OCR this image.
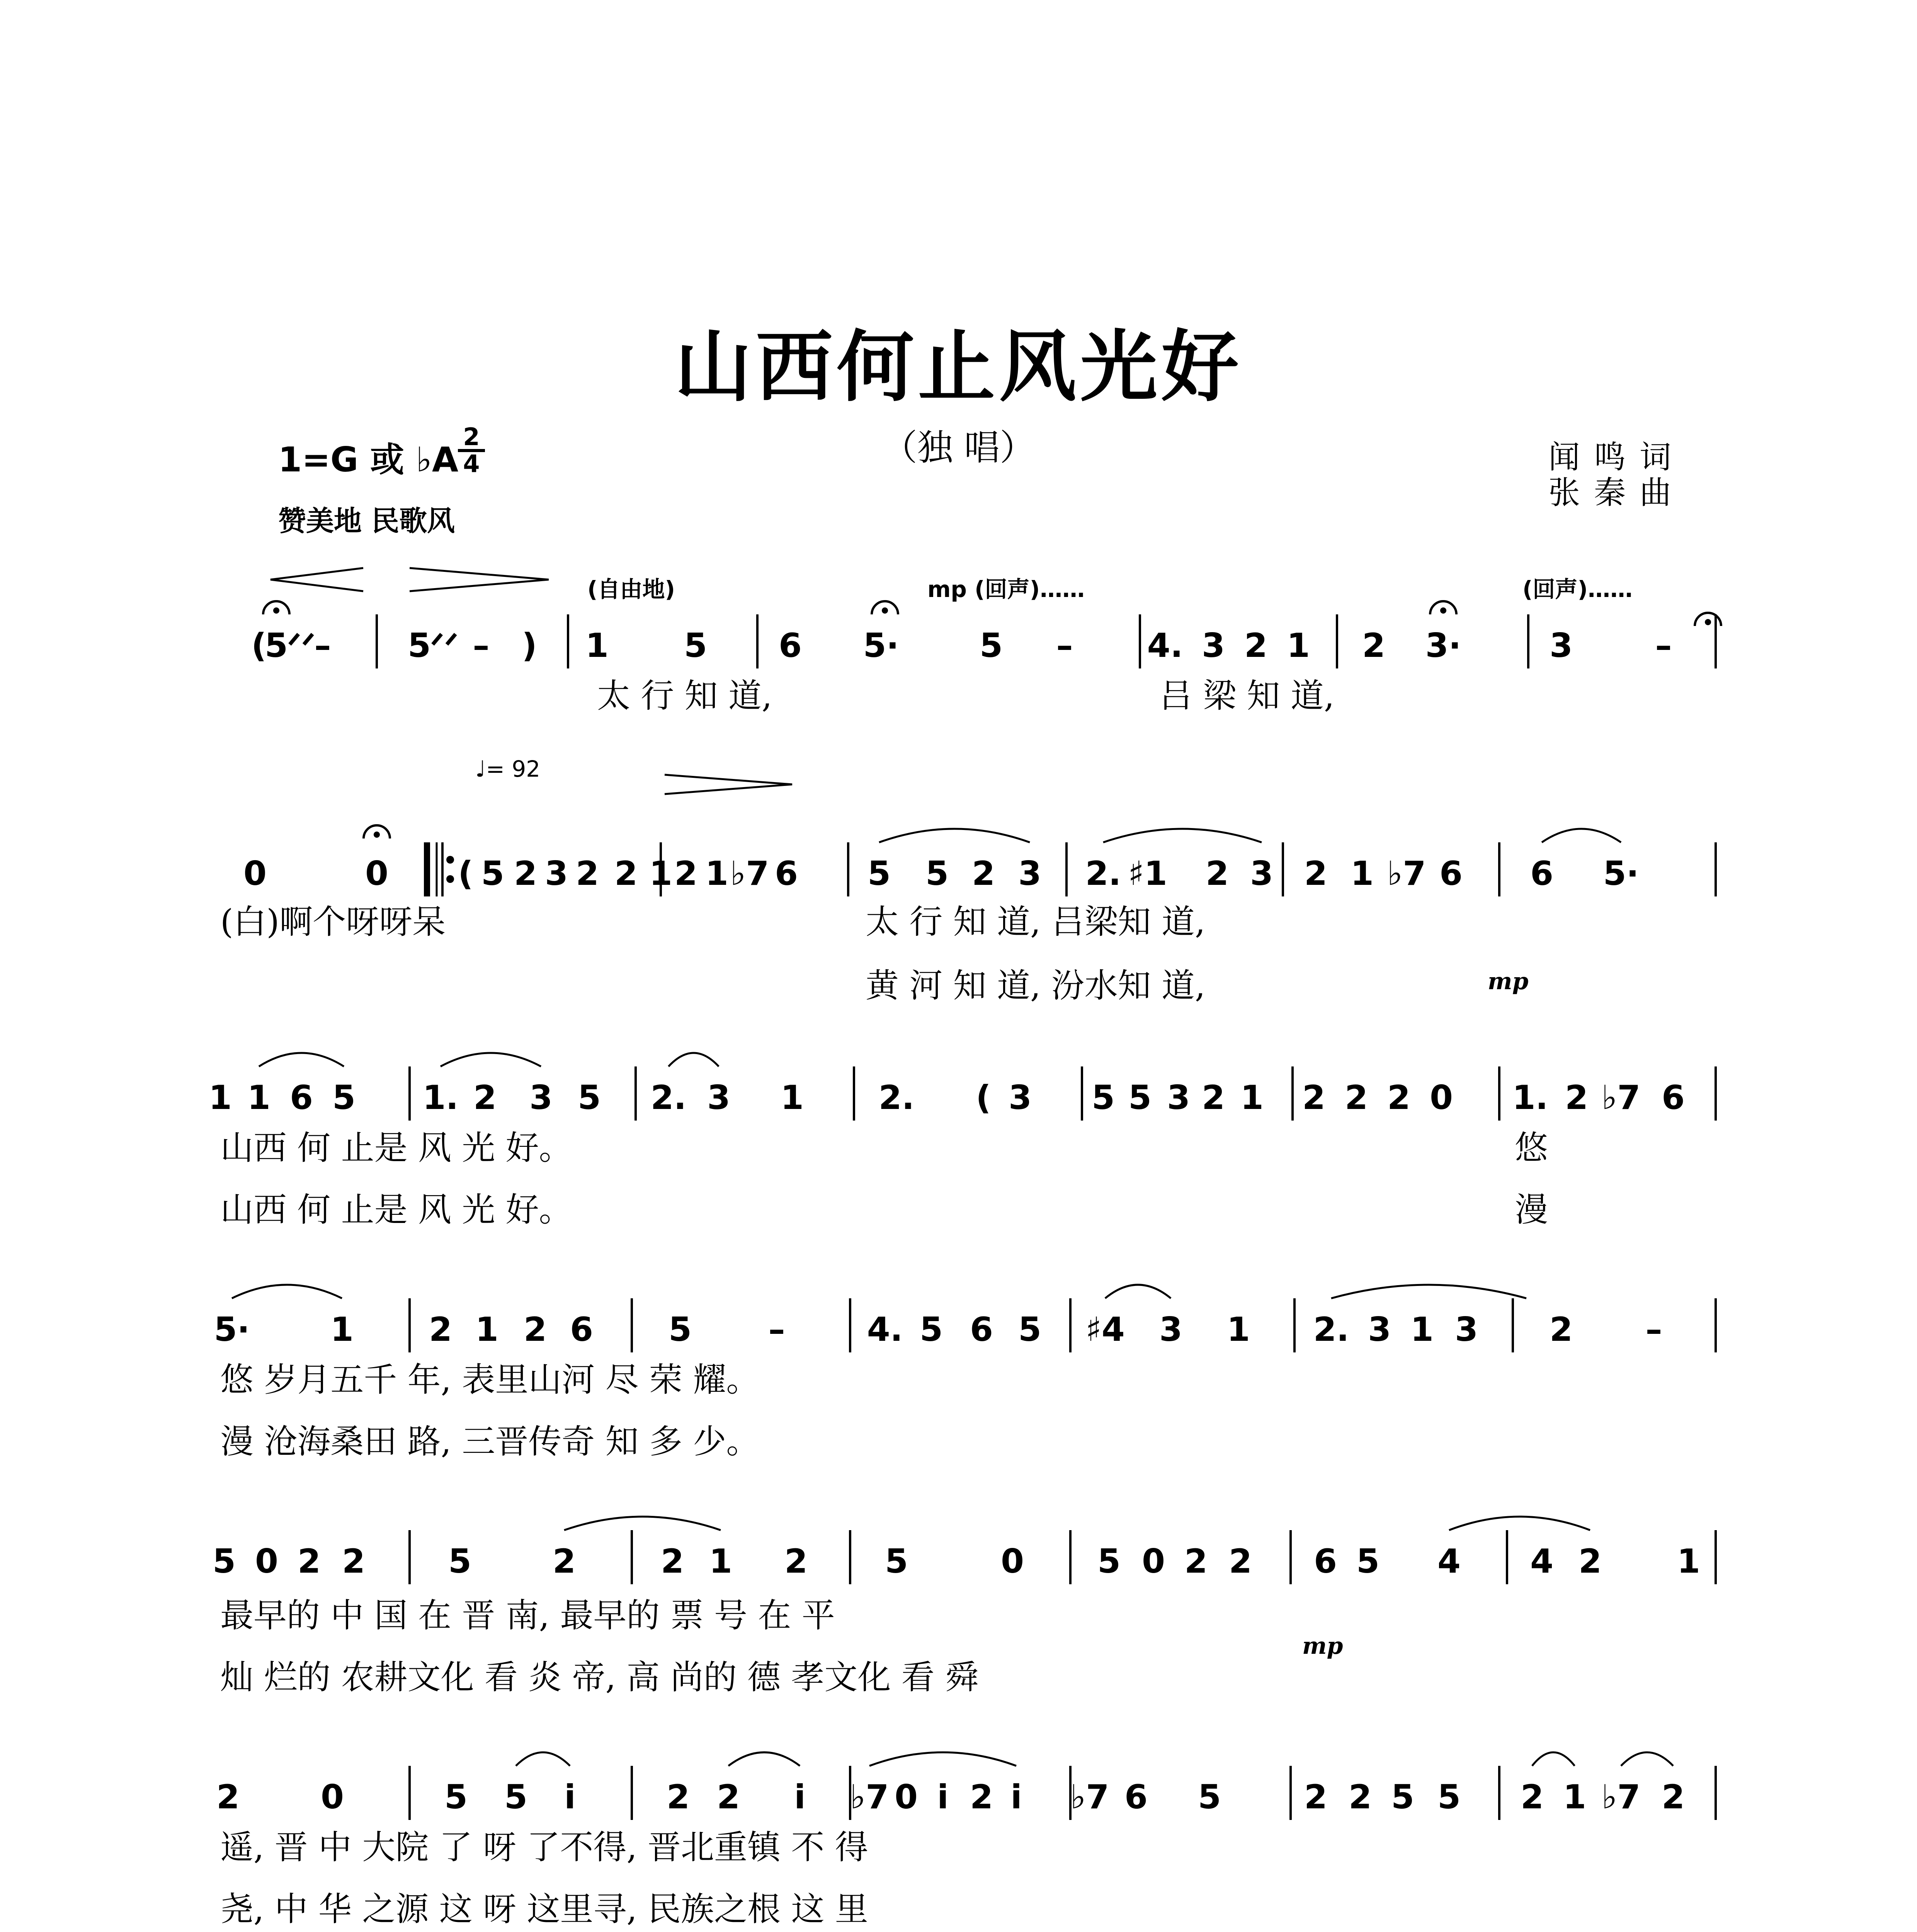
山西何止风光好
（独 唱）
1=G 或 ♭A
2
4
赞美地 民歌风
闻鸣词
张秦曲
(
5
ᐟᐟ
– 5
ᐟᐟ – ) 1 5 6 5· 5 – 4. 3 2 1 2 3·	3 –
太 行 知 道,	吕 梁 知 道,
0	0 ( 5 2 3 2 2 1 2 1 ♭7 6 5 5 2 3 2. ♯1 2 3 2 1 ♭7 6 6 5·
(白)啊个呀呀呆	太 行 知 道, 吕梁知 道,
黄 河 知 道, 汾水知 道,
1 1 6 5 1. 2 3 5 2. 3 1 2. ( 3 5 5 3 2 1 2 2 2 0 1. 2 ♭7 6
山西 何 止是 风 光 好。	悠
山西 何 止是 风 光 好。	漫
5· 1 2 1 2 6 5 – 4. 5 6 5 ♯4 3 1 2. 3 1 3 2 –
悠 岁月五千 年, 表里山河 尽 荣 耀。
漫 沧海桑田 路, 三晋传奇 知 多 少。
5 0 2 2	5 2	2 1 2 5	0 5 0 2 2 6 5 4 4 2 1
最早的 中 国 在 晋 南, 最早的 票 号 在 平
灿 烂的 农耕文化 看 炎 帝, 高 尚的 德 孝文化 看 舜
2 0	5 5 i	2 2 i ♭7 0 i 2 i ♭7 6 5	2 2 5 5 2 1 ♭7 2
遥, 晋 中 大院 了 呀 了不得, 晋北重镇 不 得
尧, 中 华 之源 这 呀 这里寻, 民族之根 这 里
(自由地)	mp (回声)……	(回声)……
mp
mp
♩= 92
